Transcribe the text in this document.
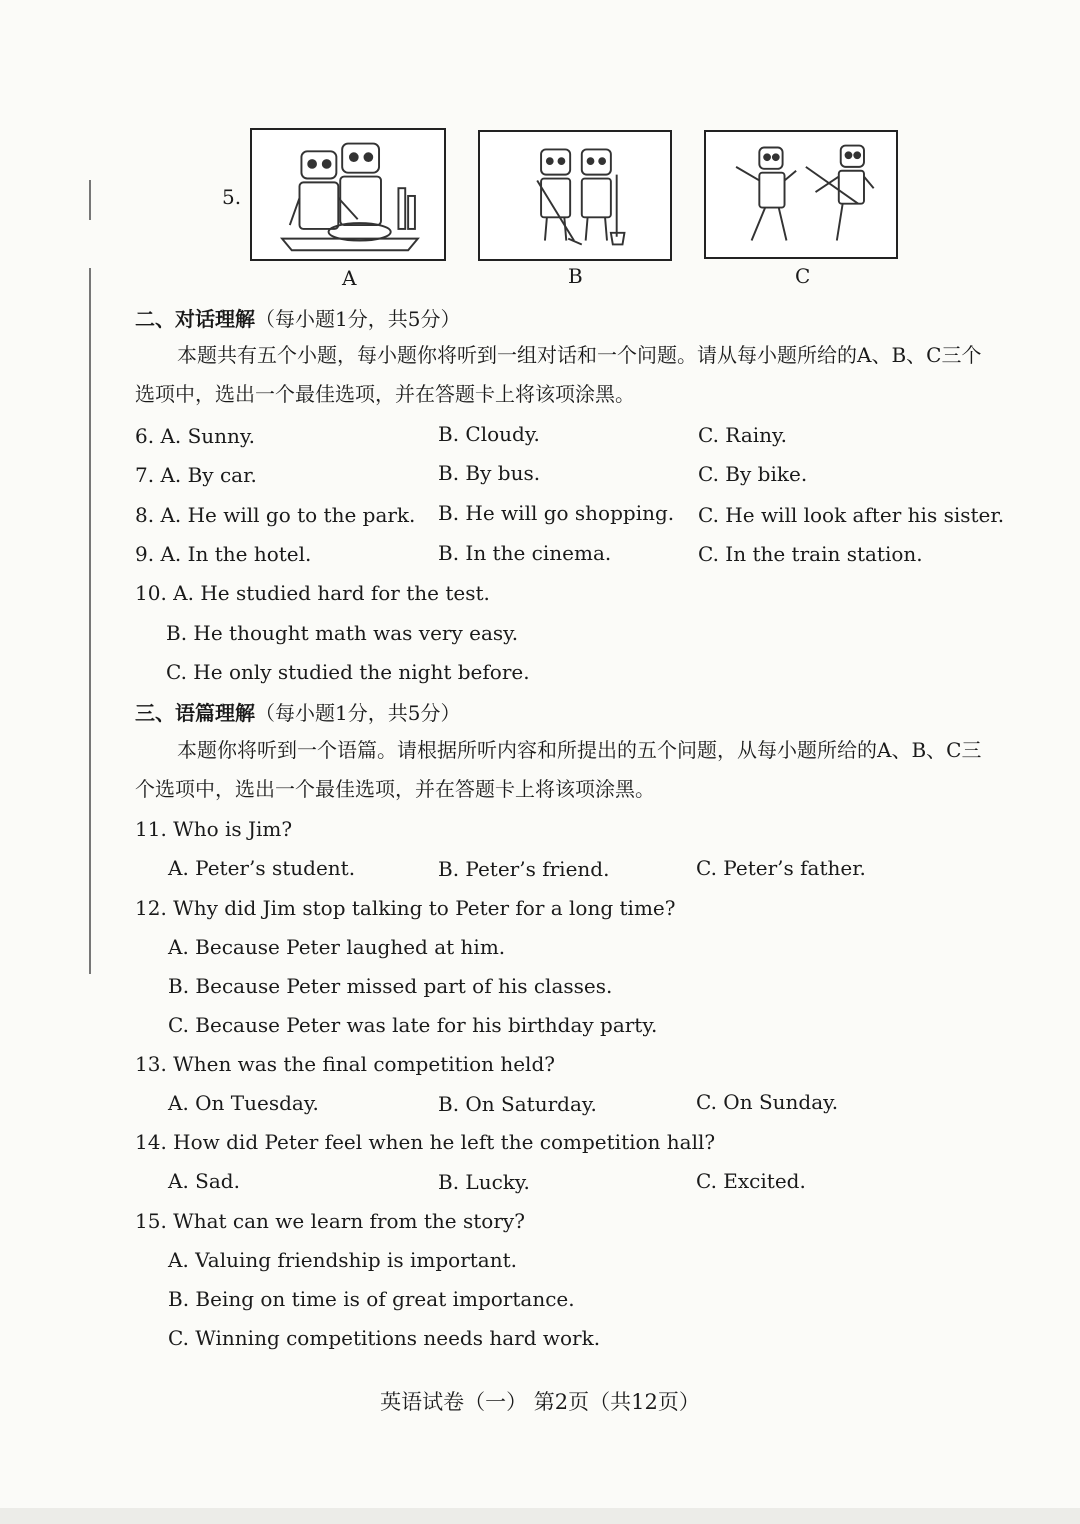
5.
A	B	C
二、对话理解（每小题1分，共5分）
本题共有五个小题，每小题你将听到一组对话和一个问题。请从每小题所给的A、B、C三个选项中，选出一个最佳选项，并在答题卡上将该项涂黑。
6. A. Sunny.	B. Cloudy.	C. Rainy.
7. A. By car.	B. By bus.	C. By bike.
8. A. He will go to the park. B. He will go shopping. C. He will look after his sister.
9. A. In the hotel.	B. In the cinema.	C. In the train station.
10. A. He studied hard for the test.
B. He thought math was very easy.
C. He only studied the night before.
三、语篇理解（每小题1分，共5分）
本题你将听到一个语篇。请根据所听内容和所提出的五个问题，从每小题所给的A、B、C三个选项中，选出一个最佳选项，并在答题卡上将该项涂黑。
11. Who is Jim?
A. Peter’s student.	B. Peter’s friend.	C. Peter’s father.
12. Why did Jim stop talking to Peter for a long time?
A. Because Peter laughed at him.
B. Because Peter missed part of his classes.
C. Because Peter was late for his birthday party.
13. When was the final competition held?
A. On Tuesday.	B. On Saturday.	C. On Sunday.
14. How did Peter feel when he left the competition hall?
A. Sad.	B. Lucky.	C. Excited.
15. What can we learn from the story?
A. Valuing friendship is important.
B. Being on time is of great importance.
C. Winning competitions needs hard work.
英语试卷（一） 第2页（共12页）
